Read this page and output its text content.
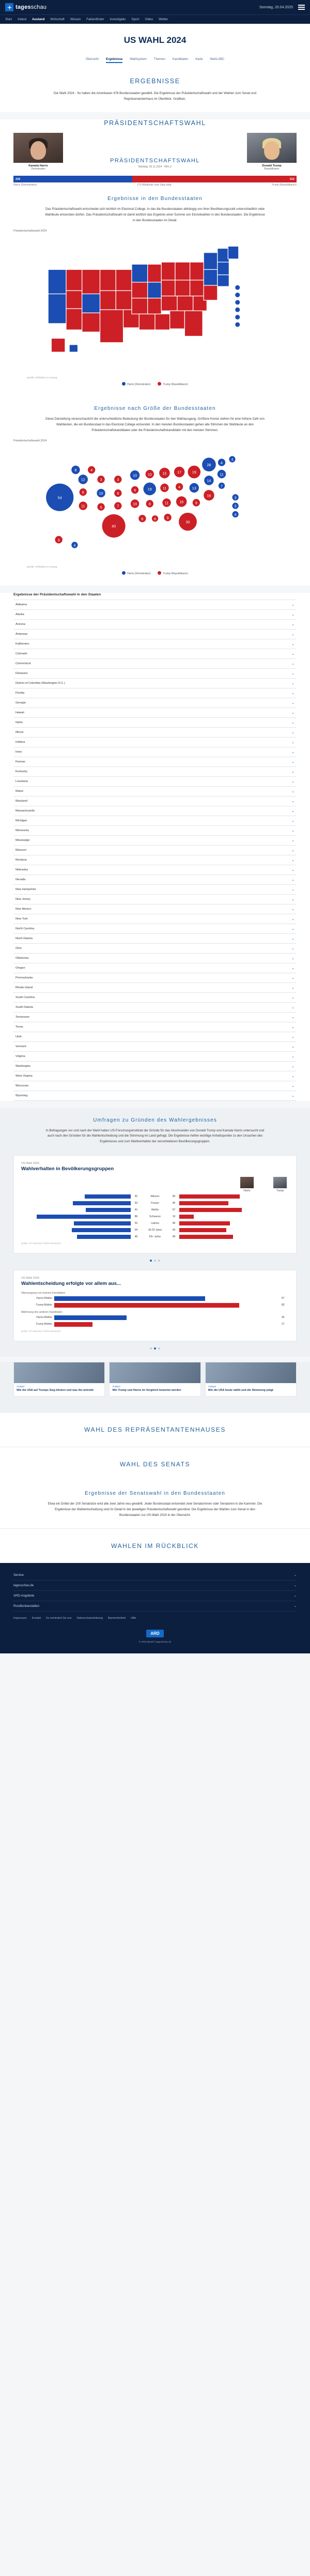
tagesschau	Sonntag, 20.04.2025
Start Inland Ausland Wirtschaft Wissen Faktenfinder Investigativ Sport Video Wetter
US WAHL 2024
Übersicht Ergebnisse Wahlsystem Themen Kandidaten Karte Wahl-ABC
ERGEBNISSE

Die Wahl 2024 - So haben die Amerikaner 478 Bundesstaaten gewählt. Die Ergebnisse der Präsidentschaftswahl und der Wahlen zum Senat und Repräsentantenhaus im Überblick. Grafiken.

PRÄSIDENTSCHAFTSWAHL
Kamala Harris
Demokraten
PRÄSIDENTSCHAFTSWAHL
Wahltag: 05.11.2024 · 48% Z	Donald Trump
Republikaner
226	312
Harris (Demokraten)	270 Wahlleute zum Sieg nötig	Trump (Republikaner)
Ergebnisse in den Bundesstaaten

Das Präsidentschaftswahl entscheidet sich letztlich im Electoral College. In das die Bundesstaaten abhängig von ihrer Bevölkerungszahl unterschiedlich viele Wahlleute entsenden dürfen. Das Präsidentschaftswahl ist damit letztlich das Ergebnis einer Summe von Einzelwahlen in den Bundesstaaten. Die Ergebnisse in den Bundesstaaten im Detail.

Präsidentschaftswahl 2024
Quelle: AP/Edison in Auszug
Harris (Demokraten)	Trump (Republikaner)
Ergebnisse nach Größe der Bundesstaaten

Diese Darstellung veranschaulicht die unterschiedliche Bedeutung der Bundesstaaten für den Wahlausgang. Größere Kreise stehen für eine höhere Zahl von Wahlleuten, die ein Bundesstaat in das Electoral College entsendet. In den meisten Bundesstaaten gehen alle Stimmen der Wahlleute an den Präsidentschaftskandidaten oder die Präsidentschaftskandidatin mit den meisten Stimmen.

Präsidentschaftswahl 2024
54
12
8	4
6
11
3
10
5
40
3
6
7
10
6
10
6
10
19
8
6
15
11
11
9
17
4
16
30
19
13
9
28
14
16
4
11
7
4
3
3
4
3
4
Quelle: AP/Edison in Auszug
Harris (Demokraten)	Trump (Republikaner)
Ergebnisse der Präsidentschaftswahl in den Staaten
Alabama	⌄
Alaska	⌄
Arizona	⌄
Arkansas	⌄
Kalifornien	⌄
Colorado	⌄
Connecticut	⌄
Delaware	⌄
District of Columbia (Washington D.C.)	⌄
Florida	⌄
Georgia	⌄
Hawaii	⌄
Idaho	⌄
Illinois	⌄
Indiana	⌄
Iowa	⌄
Kansas	⌄
Kentucky	⌄
Louisiana	⌄
Maine	⌄
Maryland	⌄
Massachusetts	⌄
Michigan	⌄
Minnesota	⌄
Mississippi	⌄
Missouri	⌄
Montana	⌄
Nebraska	⌄
Nevada	⌄
New Hampshire	⌄
New Jersey	⌄
New Mexico	⌄
New York	⌄
North Carolina	⌄
North Dakota	⌄
Ohio	⌄
Oklahoma	⌄
Oregon	⌄
Pennsylvania	⌄
Rhode Island	⌄
South Carolina	⌄
South Dakota	⌄
Tennessee	⌄
Texas	⌄
Utah	⌄
Vermont	⌄
Virginia	⌄
Washington	⌄
West Virginia	⌄
Wisconsin	⌄
Wyoming	⌄
Umfragen zu Gründen des Wahlergebnisses

In Befragungen vor und nach der Wahl haben US-Forschungsinstitute die Gründe für das Abschneiden von Donald Trump und Kamala Harris untersucht und auch nach den Gründen für die Wahlentscheidung und die Stimmung im Land gefragt. Die Ergebnisse helfen wichtige Anhaltspunkte zu den Ursachen des Ergebnisses und zum Wahlverhalten der verschiedenen Bevölkerungsgruppen.

US-Wahl 2024
Wahlverhalten in Bevölkerungsgruppen
Harris	Trump
42	Männer	55
53	Frauen	45
41	Weiße	57
86	Schwarze	13
52	Latinos	46
54	18-29 Jahre	43
49	65+ Jahre	49
Quelle: AP VoteCast / Edison Research
US-Wahl 2024
Wahlentscheidung erfolgte vor allem aus...
Überzeugung von meinem Kandidaten
Harris-Wähler	67
Trump-Wähler	82
Ablehnung des anderen Kandidaten
Harris-Wähler	32
Trump-Wähler	17
Quelle: AP VoteCast / Edison Research
Analyse
Wie die USA auf Trumps Sieg blicken und was ihn antreibt
Analyse
Wie Trump und Harris im Vergleich bewertet werden
Analyse
Wie die USA heute wählt und die Stimmung prägt
WAHL DES REPRÄSENTANTENHAUSES
WAHL DES SENATS
Ergebnisse der Senatswahl in den Bundesstaaten

Etwa ein Drittel der 100 Senatsitze wird alle zwei Jahre neu gewählt. Jeder Bundesstaat entsendet zwei Senatorinnen oder Senatoren in die Kammer. Die Ergebnisse der Wahlentscheidung sind im Detail in der jeweiligen Präsidentschaftswahl geordnet. Die Ergebnisse der Wahlen zum Senat in den Bundesstaaten zur US-Wahl 2024 in der Übersicht.

WAHLEN IM RÜCKBLICK
Service	⌄
tagesschau.de	⌄
ARD-Angebote	⌄
Rundfunkanstalten	⌄
Impressum Kontakt Es verhindert Sie uns Datenschutzerklärung Barrierefreiheit Hilfe
ARD
© ARD-aktuell / tagesschau.de
